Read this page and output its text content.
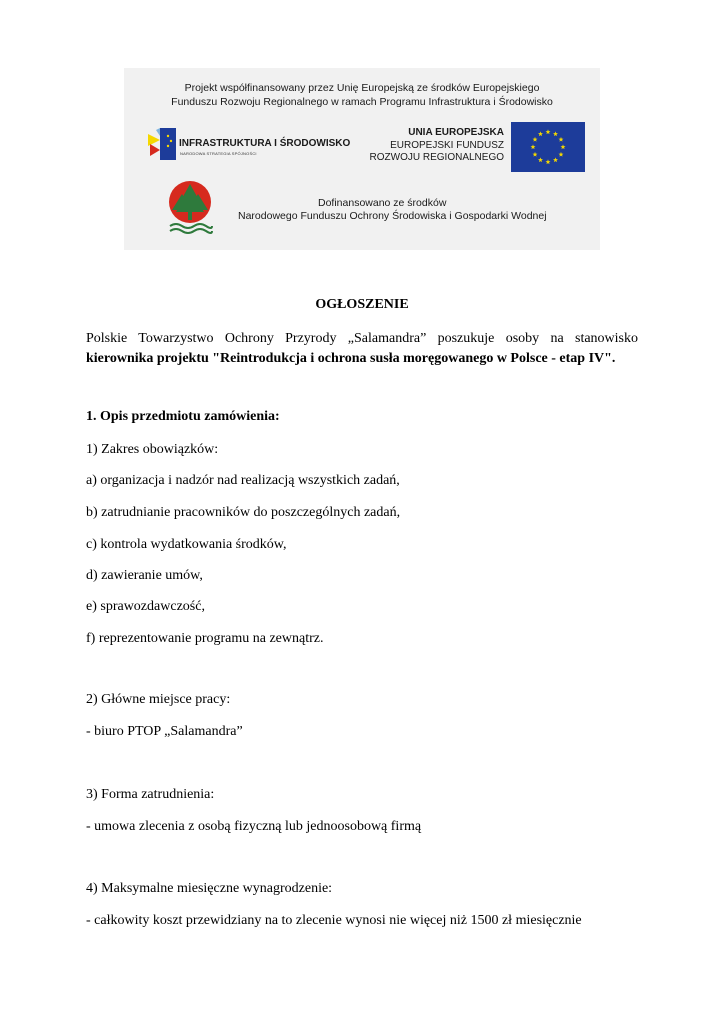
Projekt współfinansowany przez Unię Europejską ze środków Europejskiego
Funduszu Rozwoju Regionalnego w ramach Programu Infrastruktura i Środowisko
INFRASTRUKTURA I ŚRODOWISKO
NARODOWA STRATEGIA SPÓJNOŚCI
UNIA EUROPEJSKA
EUROPEJSKI FUNDUSZ
ROZWOJU REGIONALNEGO
Dofinansowano ze środków
Narodowego Funduszu Ochrony Środowiska i Gospodarki Wodnej
OGŁOSZENIE
Polskie Towarzystwo Ochrony Przyrody „Salamandra” poszukuje osoby na stanowisko
kierownika projektu "Reintrodukcja i ochrona susła moręgowanego w Polsce - etap IV".
1. Opis przedmiotu zamówienia:
1) Zakres obowiązków:
a) organizacja i nadzór nad realizacją wszystkich zadań,
b) zatrudnianie pracowników do poszczególnych zadań,
c) kontrola wydatkowania środków,
d) zawieranie umów,
e) sprawozdawczość,
f) reprezentowanie programu na zewnątrz.
2) Główne miejsce pracy:
- biuro PTOP „Salamandra”
3) Forma zatrudnienia:
- umowa zlecenia z osobą fizyczną lub jednoosobową firmą
4) Maksymalne miesięczne wynagrodzenie:
- całkowity koszt przewidziany na to zlecenie wynosi nie więcej niż 1500 zł miesięcznie
